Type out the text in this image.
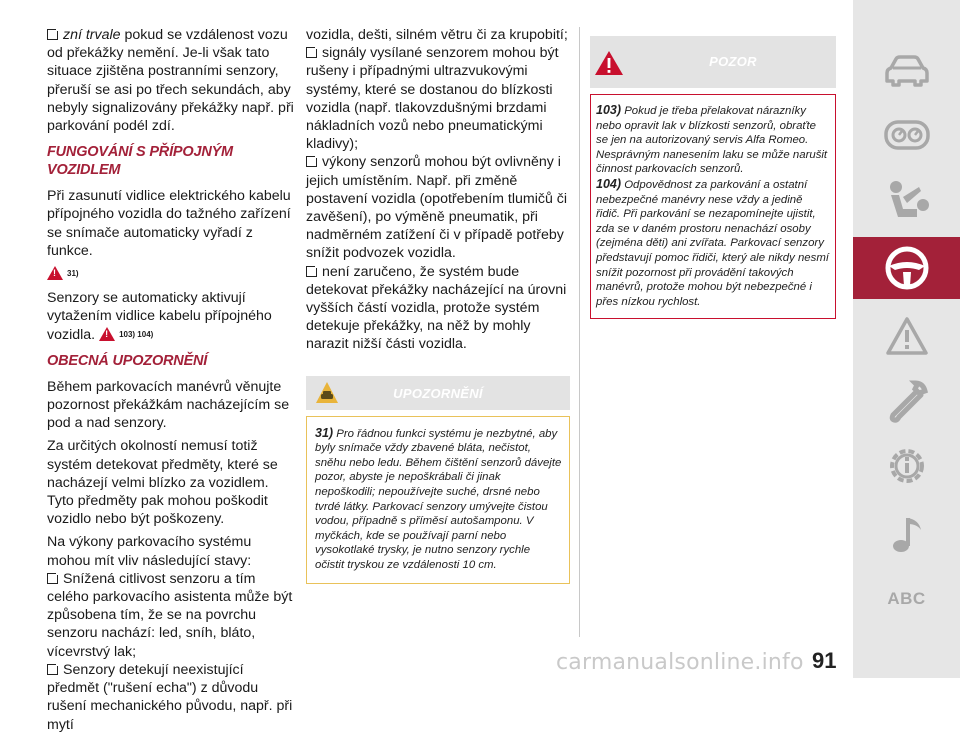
zní trvale pokud se vzdálenost vozu od překážky nemění. Je-li však tato situace zjištěna postranními senzory, přeruší se asi po třech sekundách, aby nebyly signalizovány překážky např. při parkování podél zdí.

FUNGOVÁNÍ S PŘÍPOJNÝM VOZIDLEM

Při zasunutí vidlice elektrického kabelu přípojného vozidla do tažného zařízení se snímače automaticky vyřadí z funkce.

!31)

Senzory se automaticky aktivují vytažením vidlice kabelu přípojného vozidla. !	103) 104)

OBECNÁ UPOZORNĚNÍ

Během parkovacích manévrů věnujte pozornost překážkám nacházejícím se pod a nad senzory.

Za určitých okolností nemusí totiž systém detekovat předměty, které se nacházejí velmi blízko za vozidlem. Tyto předměty pak mohou poškodit vozidlo nebo být poškozeny.

Na výkony parkovacího systému mohou mít vliv následující stavy:

Snížená citlivost senzoru a tím celého parkovacího asistenta může být způsobena tím, že se na povrchu senzoru nachází: led, sníh, bláto, vícevrstvý lak;

Senzory detekují neexistující předmět ("rušení echa") z důvodu rušení mechanického původu, např. při mytí

vozidla, dešti, silném větru či za krupobití;

signály vysílané senzorem mohou být rušeny i případnými ultrazvukovými systémy, které se dostanou do blízkosti vozidla (např. tlakovzdušnými brzdami nákladních vozů nebo pneumatickými kladivy);

výkony senzorů mohou být ovlivněny i jejich umístěním. Např. při změně postavení vozidla (opotřebením tlumičů či zavěšení), po výměně pneumatik, při nadměrném zatížení či v případě potřeby snížit podvozek vozidla.

není zaručeno, že systém bude detekovat překážky nacházející na úrovni vyšších částí vozidla, protože systém detekuje překážky, na něž by mohly narazit nižší části vozidla.

UPOZORNĚNÍ
31) Pro řádnou funkci systému je nezbytné, aby byly snímače vždy zbavené bláta, nečistot, sněhu nebo ledu. Během čištění senzorů dávejte pozor, abyste je nepoškrábali či jinak nepoškodili; nepoužívejte suché, drsné nebo tvrdé látky. Parkovací senzory umývejte čistou vodou, případně s příměsí autošamponu. V myčkách, kde se používají parní nebo vysokotlaké trysky, je nutno senzory rychle očistit tryskou ze vzdálenosti 10 cm.
POZOR
103) Pokud je třeba přelakovat nárazníky nebo opravit lak v blízkosti senzorů, obraťte se jen na autorizovaný servis Alfa Romeo. Nesprávným nanesením laku se může narušit činnost parkovacích senzorů.
104) Odpovědnost za parkování a ostatní nebezpečné manévry nese vždy a jedině řidič. Při parkování se nezapomínejte ujistit, zda se v daném prostoru nenachází osoby (zejména děti) ani zvířata. Parkovací senzory představují pomoc řidiči, který ale nikdy nesmí snížit pozornost při provádění takových manévrů, protože mohou být nebezpečné i přes nízkou rychlost.
ABC
carmanualsonline.info 91
